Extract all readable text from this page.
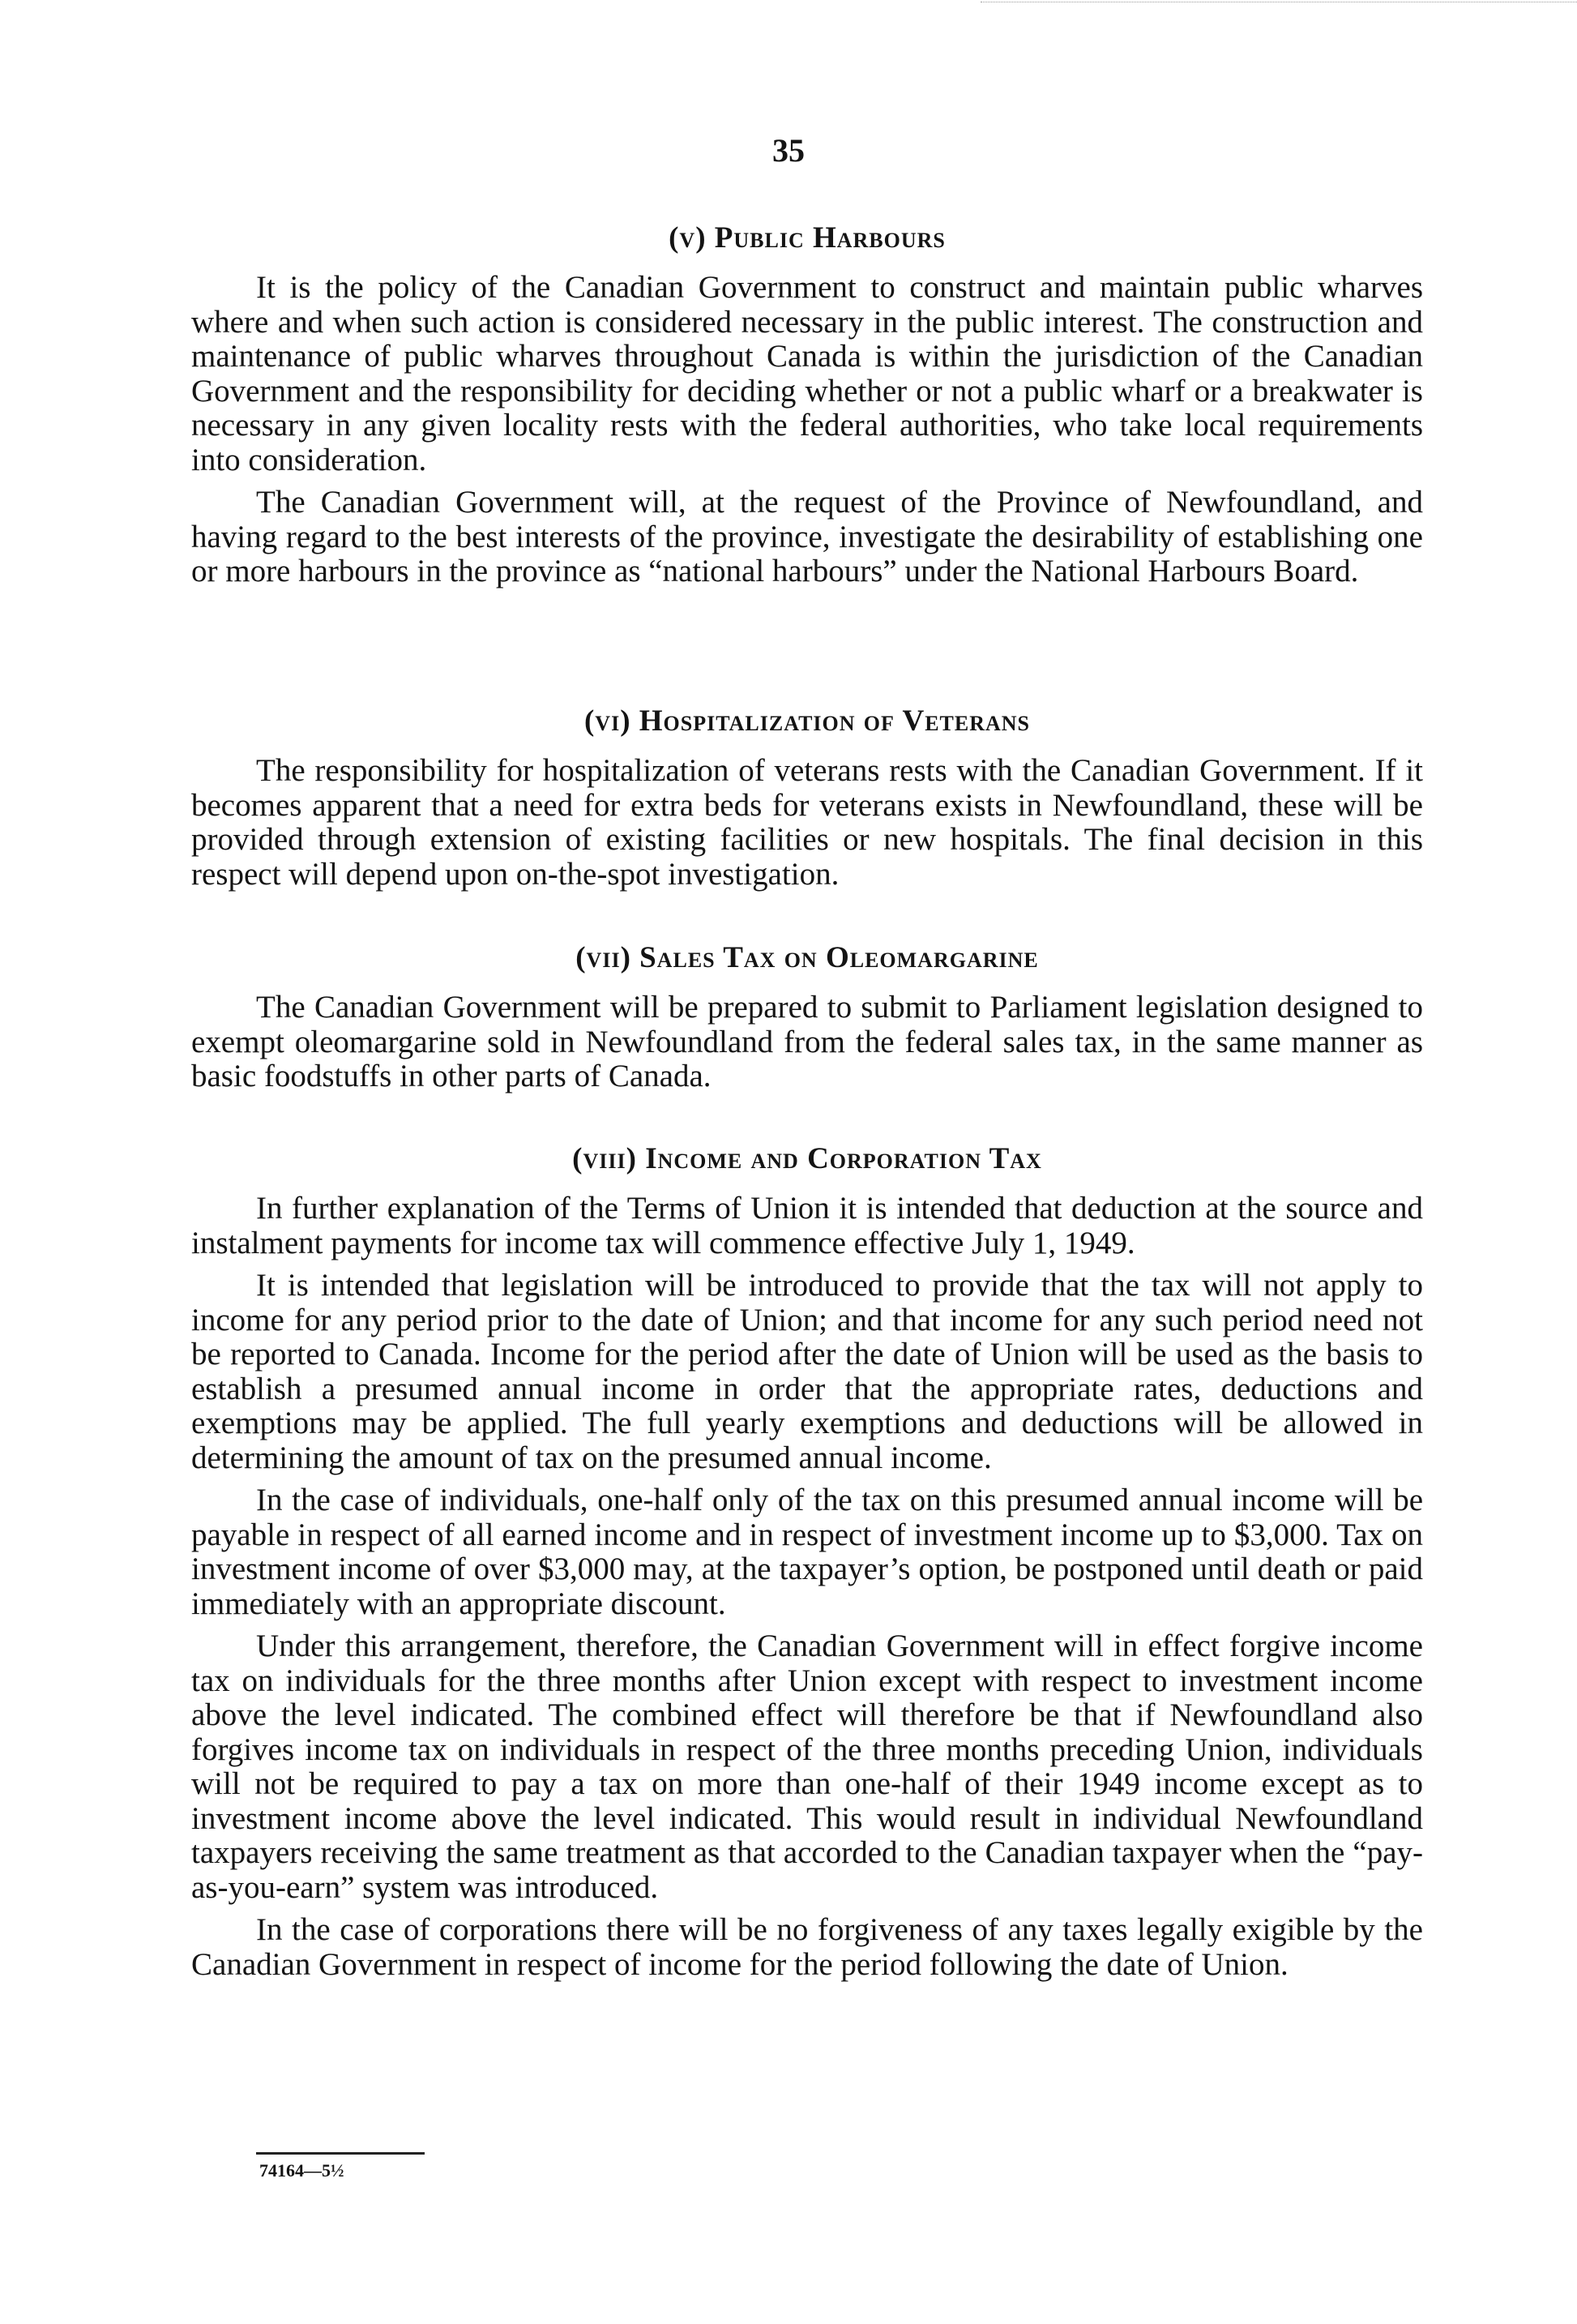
35
(v) Public Harbours

It is the policy of the Canadian Government to construct and maintain public wharves where and when such action is considered necessary in the public interest. The construction and maintenance of public wharves throughout Canada is within the jurisdiction of the Canadian Government and the responsibility for deciding whether or not a public wharf or a breakwater is necessary in any given locality rests with the federal authorities, who take local requirements into consideration.

The Canadian Government will, at the request of the Province of Newfoundland, and having regard to the best interests of the province, investigate the desirability of establishing one or more harbours in the province as “national harbours” under the National Harbours Board.

(vi) Hospitalization of Veterans

The responsibility for hospitalization of veterans rests with the Canadian Government. If it becomes apparent that a need for extra beds for veterans exists in Newfoundland, these will be provided through extension of existing facilities or new hospitals. The final decision in this respect will depend upon on-the-spot investigation.

(vii) Sales Tax on Oleomargarine

The Canadian Government will be prepared to submit to Parliament legislation designed to exempt oleomargarine sold in Newfoundland from the federal sales tax, in the same manner as basic foodstuffs in other parts of Canada.

(viii) Income and Corporation Tax

In further explanation of the Terms of Union it is intended that deduction at the source and instalment payments for income tax will commence effective July 1, 1949.

It is intended that legislation will be introduced to provide that the tax will not apply to income for any period prior to the date of Union; and that income for any such period need not be reported to Canada. Income for the period after the date of Union will be used as the basis to establish a presumed annual income in order that the appropriate rates, deductions and exemptions may be applied. The full yearly exemptions and deductions will be allowed in determining the amount of tax on the presumed annual income.

In the case of individuals, one-half only of the tax on this presumed annual income will be payable in respect of all earned income and in respect of investment income up to $3,000. Tax on investment income of over $3,000 may, at the taxpayer’s option, be postponed until death or paid immediately with an appropriate discount.

Under this arrangement, therefore, the Canadian Government will in effect forgive income tax on individuals for the three months after Union except with respect to investment income above the level indicated. The combined effect will therefore be that if Newfoundland also forgives income tax on individuals in respect of the three months preceding Union, individuals will not be required to pay a tax on more than one-half of their 1949 income except as to investment income above the level indicated. This would result in individual Newfoundland taxpayers receiving the same treatment as that accorded to the Canadian taxpayer when the “pay-as-you-earn” system was introduced.

In the case of corporations there will be no forgiveness of any taxes legally exigible by the Canadian Government in respect of income for the period following the date of Union.

74164—5½
